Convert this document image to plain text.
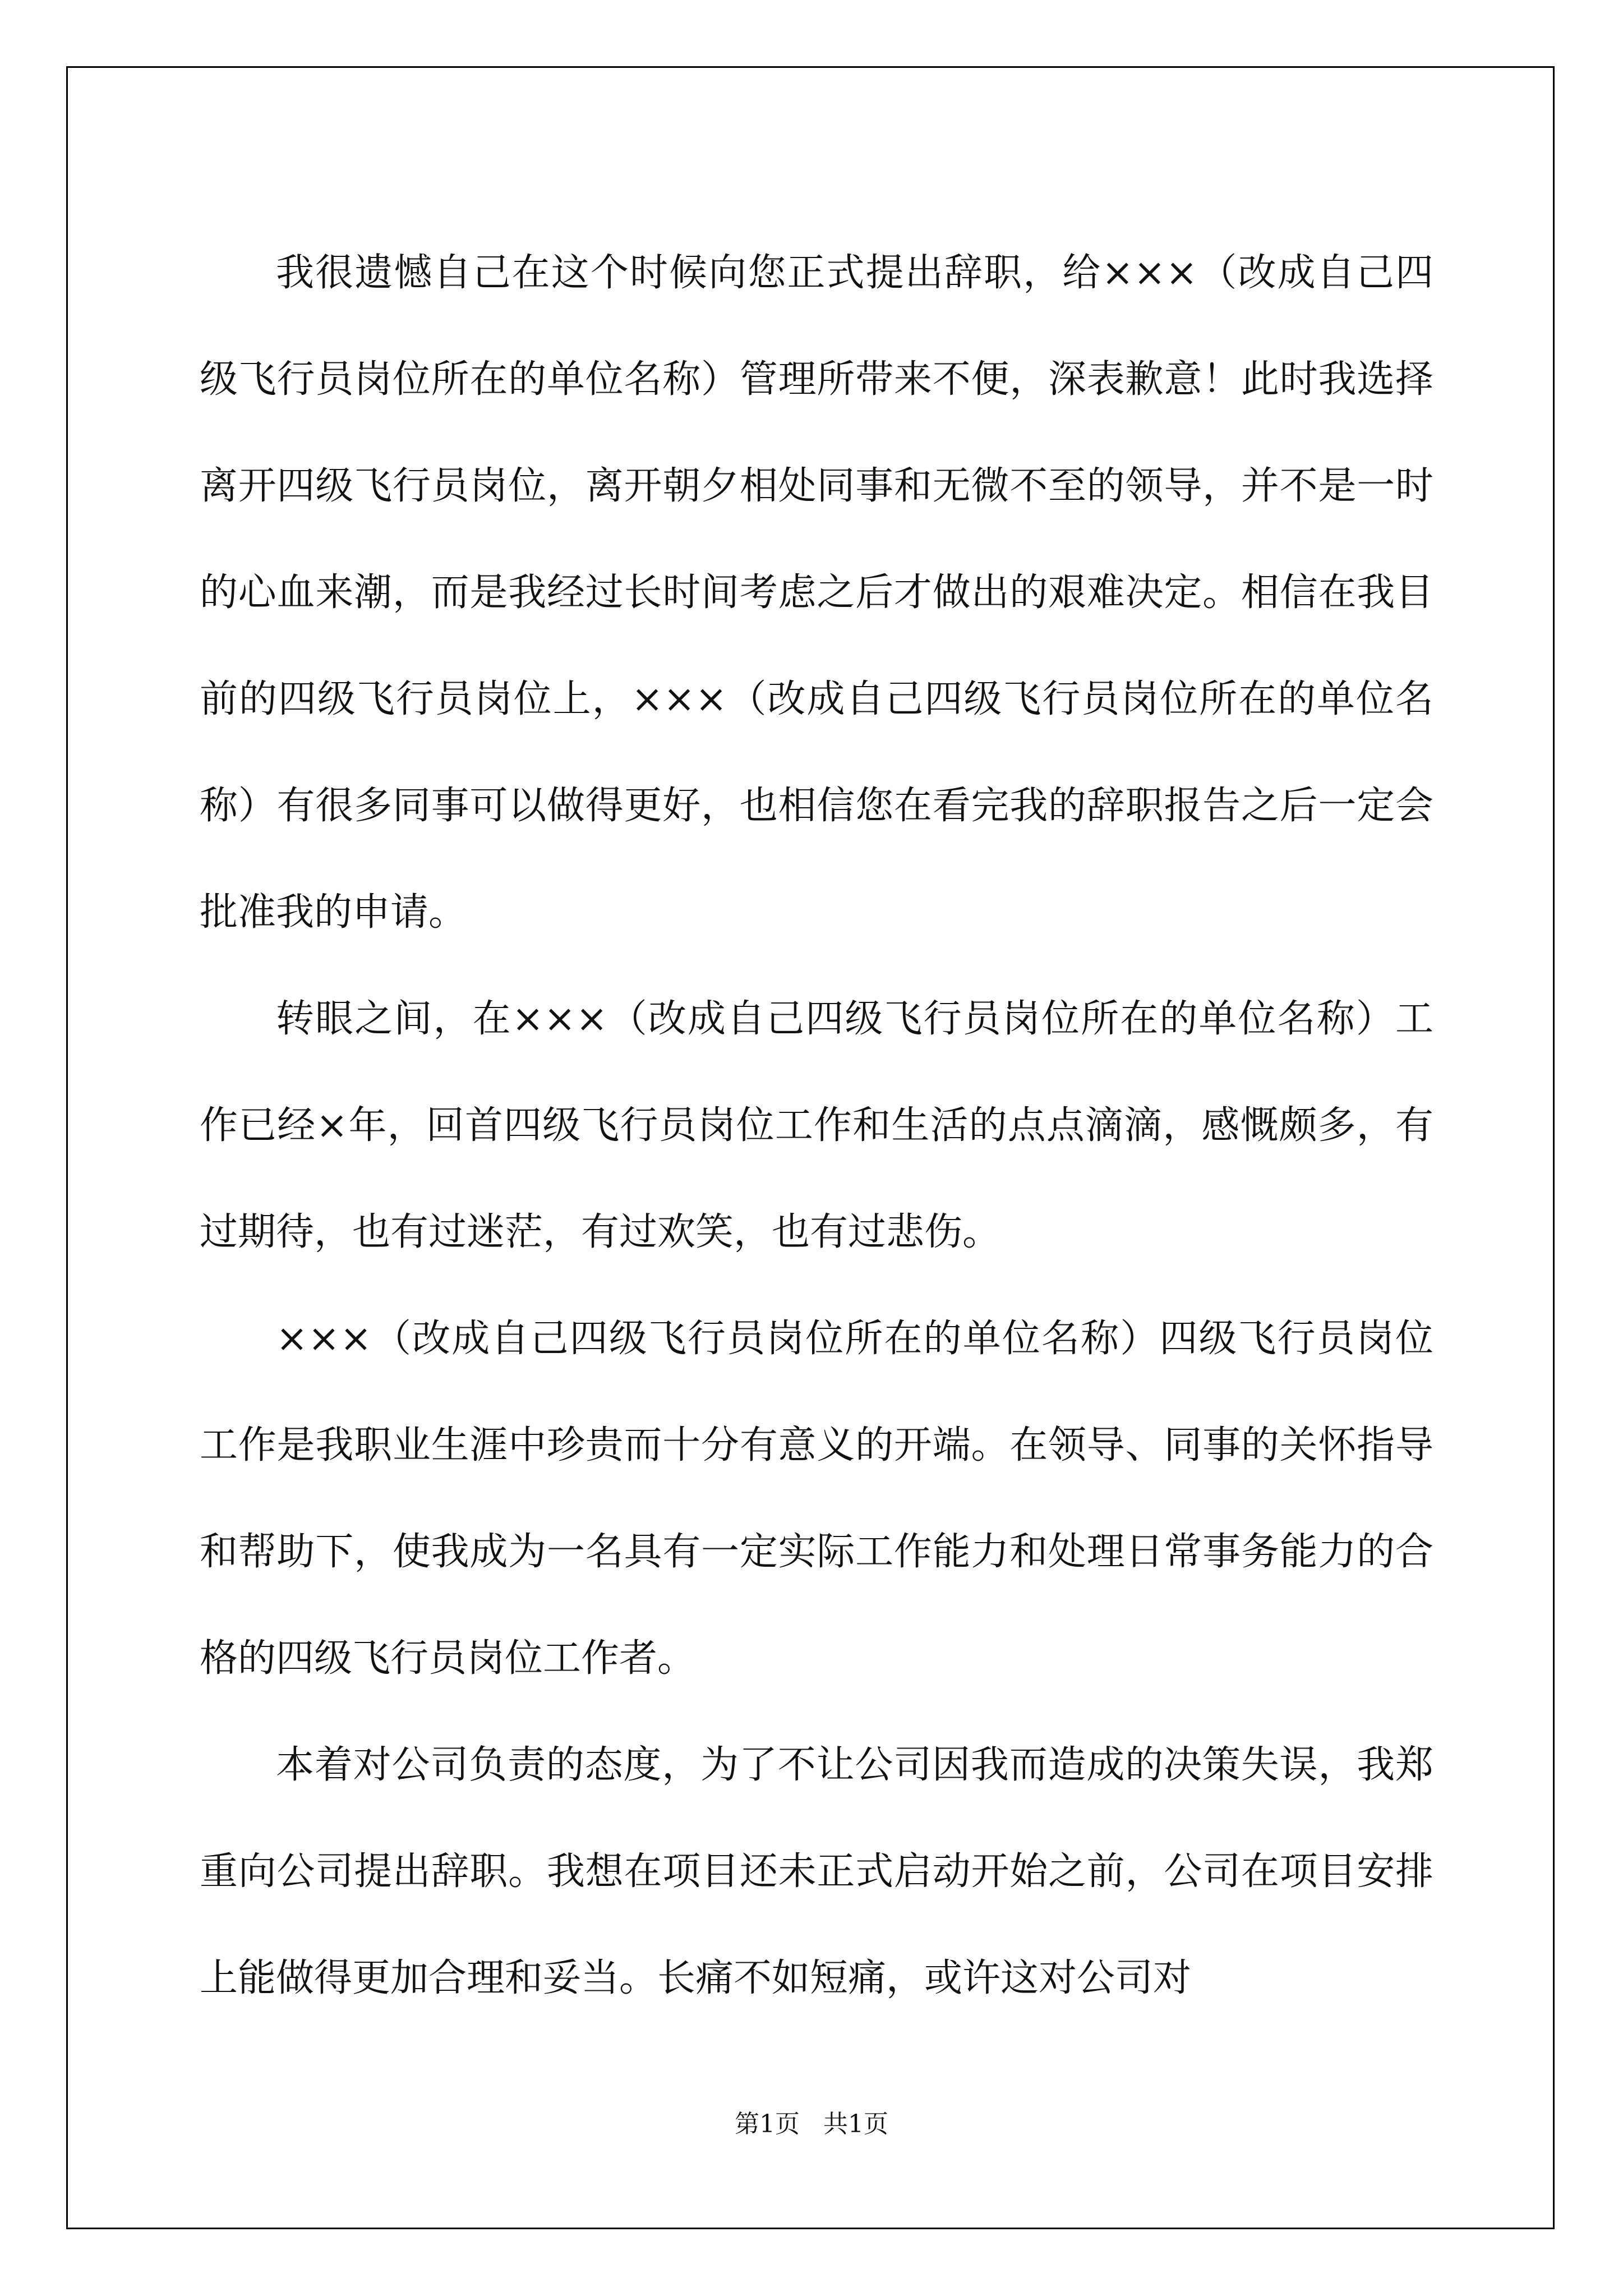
我很遗憾自己在这个时候向您正式提出辞职，给×××（改成自己四级飞行员岗位所在的单位名称）管理所带来不便，深表歉意！此时我选择离开四级飞行员岗位，离开朝夕相处同事和无微不至的领导，并不是一时的心血来潮，而是我经过长时间考虑之后才做出的艰难决定。相信在我目前的四级飞行员岗位上，×××（改成自己四级飞行员岗位所在的单位名称）有很多同事可以做得更好，也相信您在看完我的辞职报告之后一定会批准我的申请。

转眼之间，在×××（改成自己四级飞行员岗位所在的单位名称）工作已经×年，回首四级飞行员岗位工作和生活的点点滴滴，感慨颇多，有过期待，也有过迷茫，有过欢笑，也有过悲伤。

×××（改成自己四级飞行员岗位所在的单位名称）四级飞行员岗位工作是我职业生涯中珍贵而十分有意义的开端。在领导、同事的关怀指导和帮助下，使我成为一名具有一定实际工作能力和处理日常事务能力的合格的四级飞行员岗位工作者。

本着对公司负责的态度，为了不让公司因我而造成的决策失误，我郑重向公司提出辞职。我想在项目还未正式启动开始之前，公司在项目安排上能做得更加合理和妥当。长痛不如短痛，或许这对公司对

第1页   共1页
